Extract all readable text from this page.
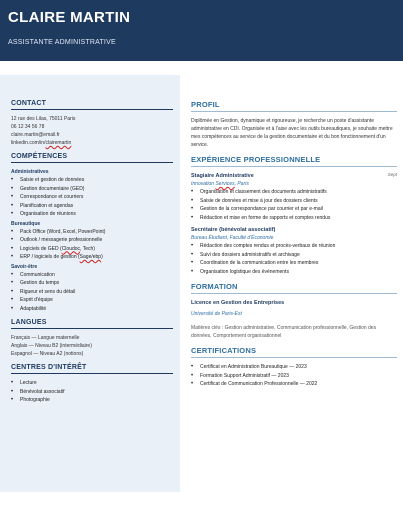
CLAIRE MARTIN
ASSISTANTE ADMINISTRATIVE
CONTACT
12 rue des Lilas, 75011 Paris
06 12 34 56 78
claire.martin@email.fr
linkedin.com/in/clairemartin
COMPÉTENCES
Administratives
• Saisie et gestion de données
• Gestion documentaire (GED)
• Correspondance et courriers
• Planification et agendas
• Organisation de réunions
Bureautique
• Pack Office (Word, Excel, PowerPoint)
• Outlook / messagerie professionnelle
• Logiciels de GED (Cloudoc, Tech)
• ERP / logiciels de gestion (Sage/ebp)
Savoir-être
• Communication
• Gestion du temps
• Rigueur et sens du détail
• Esprit d'équipe
• Adaptabilité
LANGUES
Français — Langue maternelle
Anglais — Niveau B2 (intermédiaire)
Espagnol — Niveau A2 (notions)
CENTRES D'INTÉRÊT
• Lecture
• Bénévolat associatif
• Photographie
PROFIL
Diplômée en Gestion, dynamique et rigoureuse, je recherche un poste d'assistante administrative en CDI. Organisée et à l'aise avec les outils bureautiques, je souhaite mettre mes compétences au service de la gestion documentaire et du bon fonctionnement d'un service.
EXPÉRIENCE PROFESSIONNELLE
Stagiaire Administrative	Sept
Innovation Services, Paris
• Organisation et classement des documents administratifs
• Saisie de données et mise à jour des dossiers clients
• Gestion de la correspondance par courrier et par e-mail
• Rédaction et mise en forme de rapports et comptes rendus
Secrétaire (bénévolat associatif)
Bureau Étudiant, Faculté d'Économie
• Rédaction des comptes rendus et procès-verbaux de réunion
• Suivi des dossiers administratifs et archivage
• Coordination de la communication entre les membres
• Organisation logistique des événements
FORMATION
Licence en Gestion des Entreprises
Université de Paris-Est
Matières clés : Gestion administrative, Communication professionnelle, Gestion des données, Comportement organisationnel
CERTIFICATIONS
• Certificat en Administration Bureautique — 2023
• Formation Support Administratif — 2023
• Certificat de Communication Professionnelle — 2022
